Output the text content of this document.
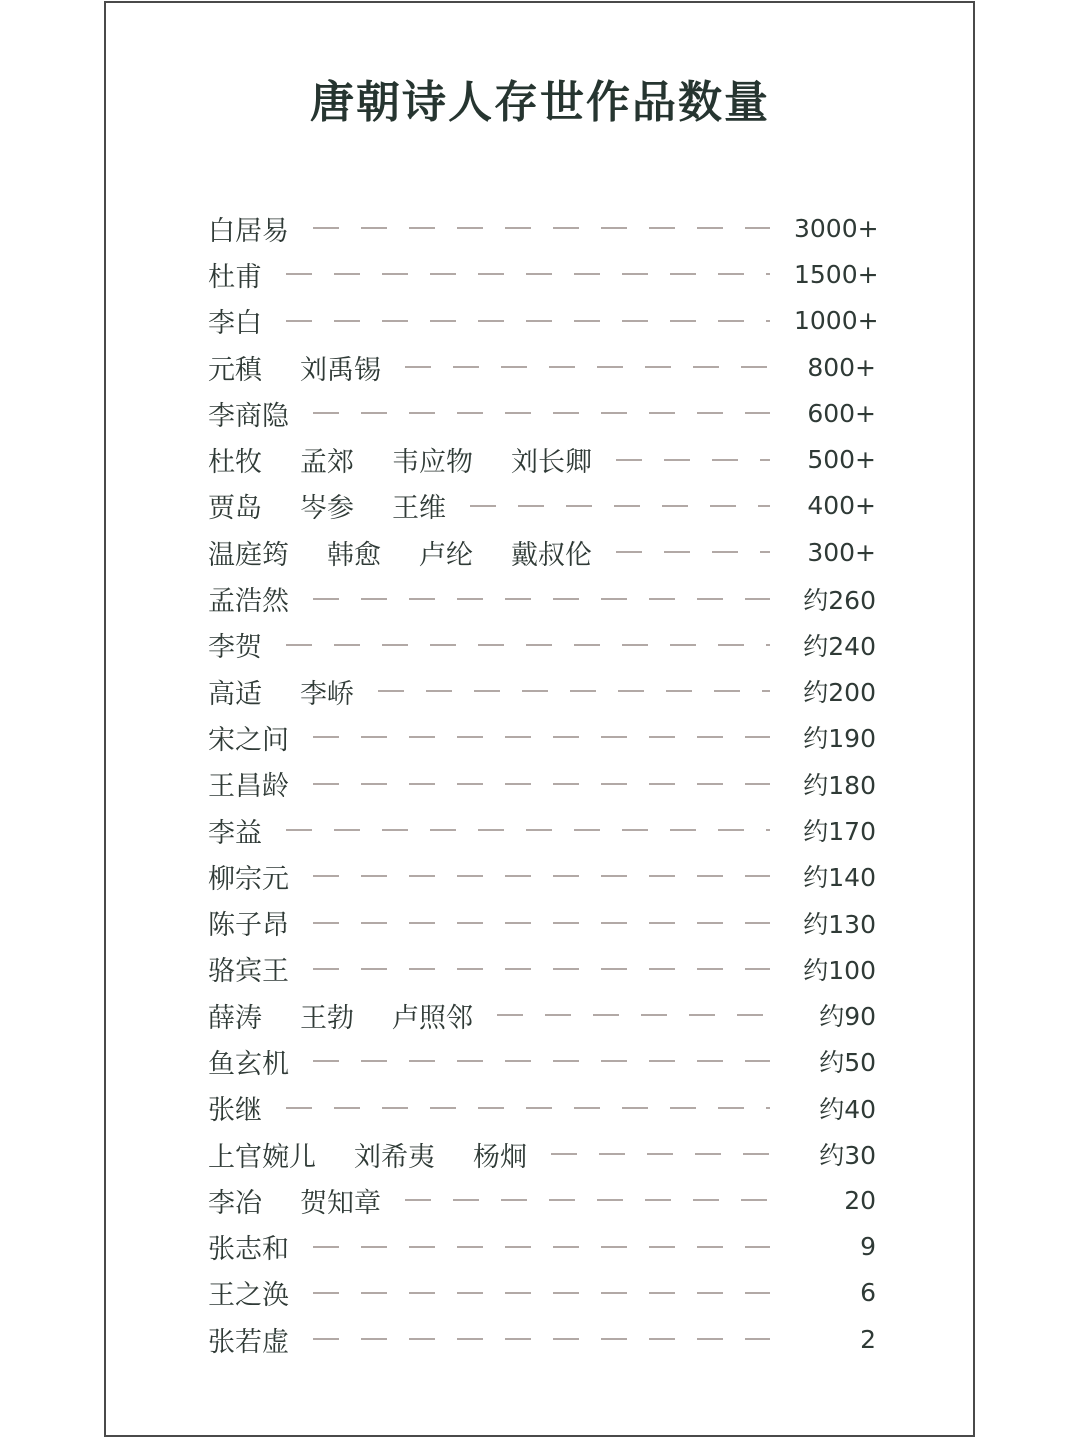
唐朝诗人存世作品数量
白居易	3000+
杜甫	1500+
李白	1000+
元稹 刘禹锡	800+
李商隐	600+
杜牧 孟郊 韦应物 刘长卿	500+
贾岛 岑参 王维	400+
温庭筠 韩愈 卢纶 戴叔伦	300+
孟浩然	约260
李贺	约240
高适 李峤	约200
宋之问	约190
王昌龄	约180
李益	约170
柳宗元	约140
陈子昂	约130
骆宾王	约100
薛涛 王勃 卢照邻	约90
鱼玄机	约50
张继	约40
上官婉儿 刘希夷 杨炯	约30
李冶 贺知章	20
张志和	9
王之涣	6
张若虚	2
